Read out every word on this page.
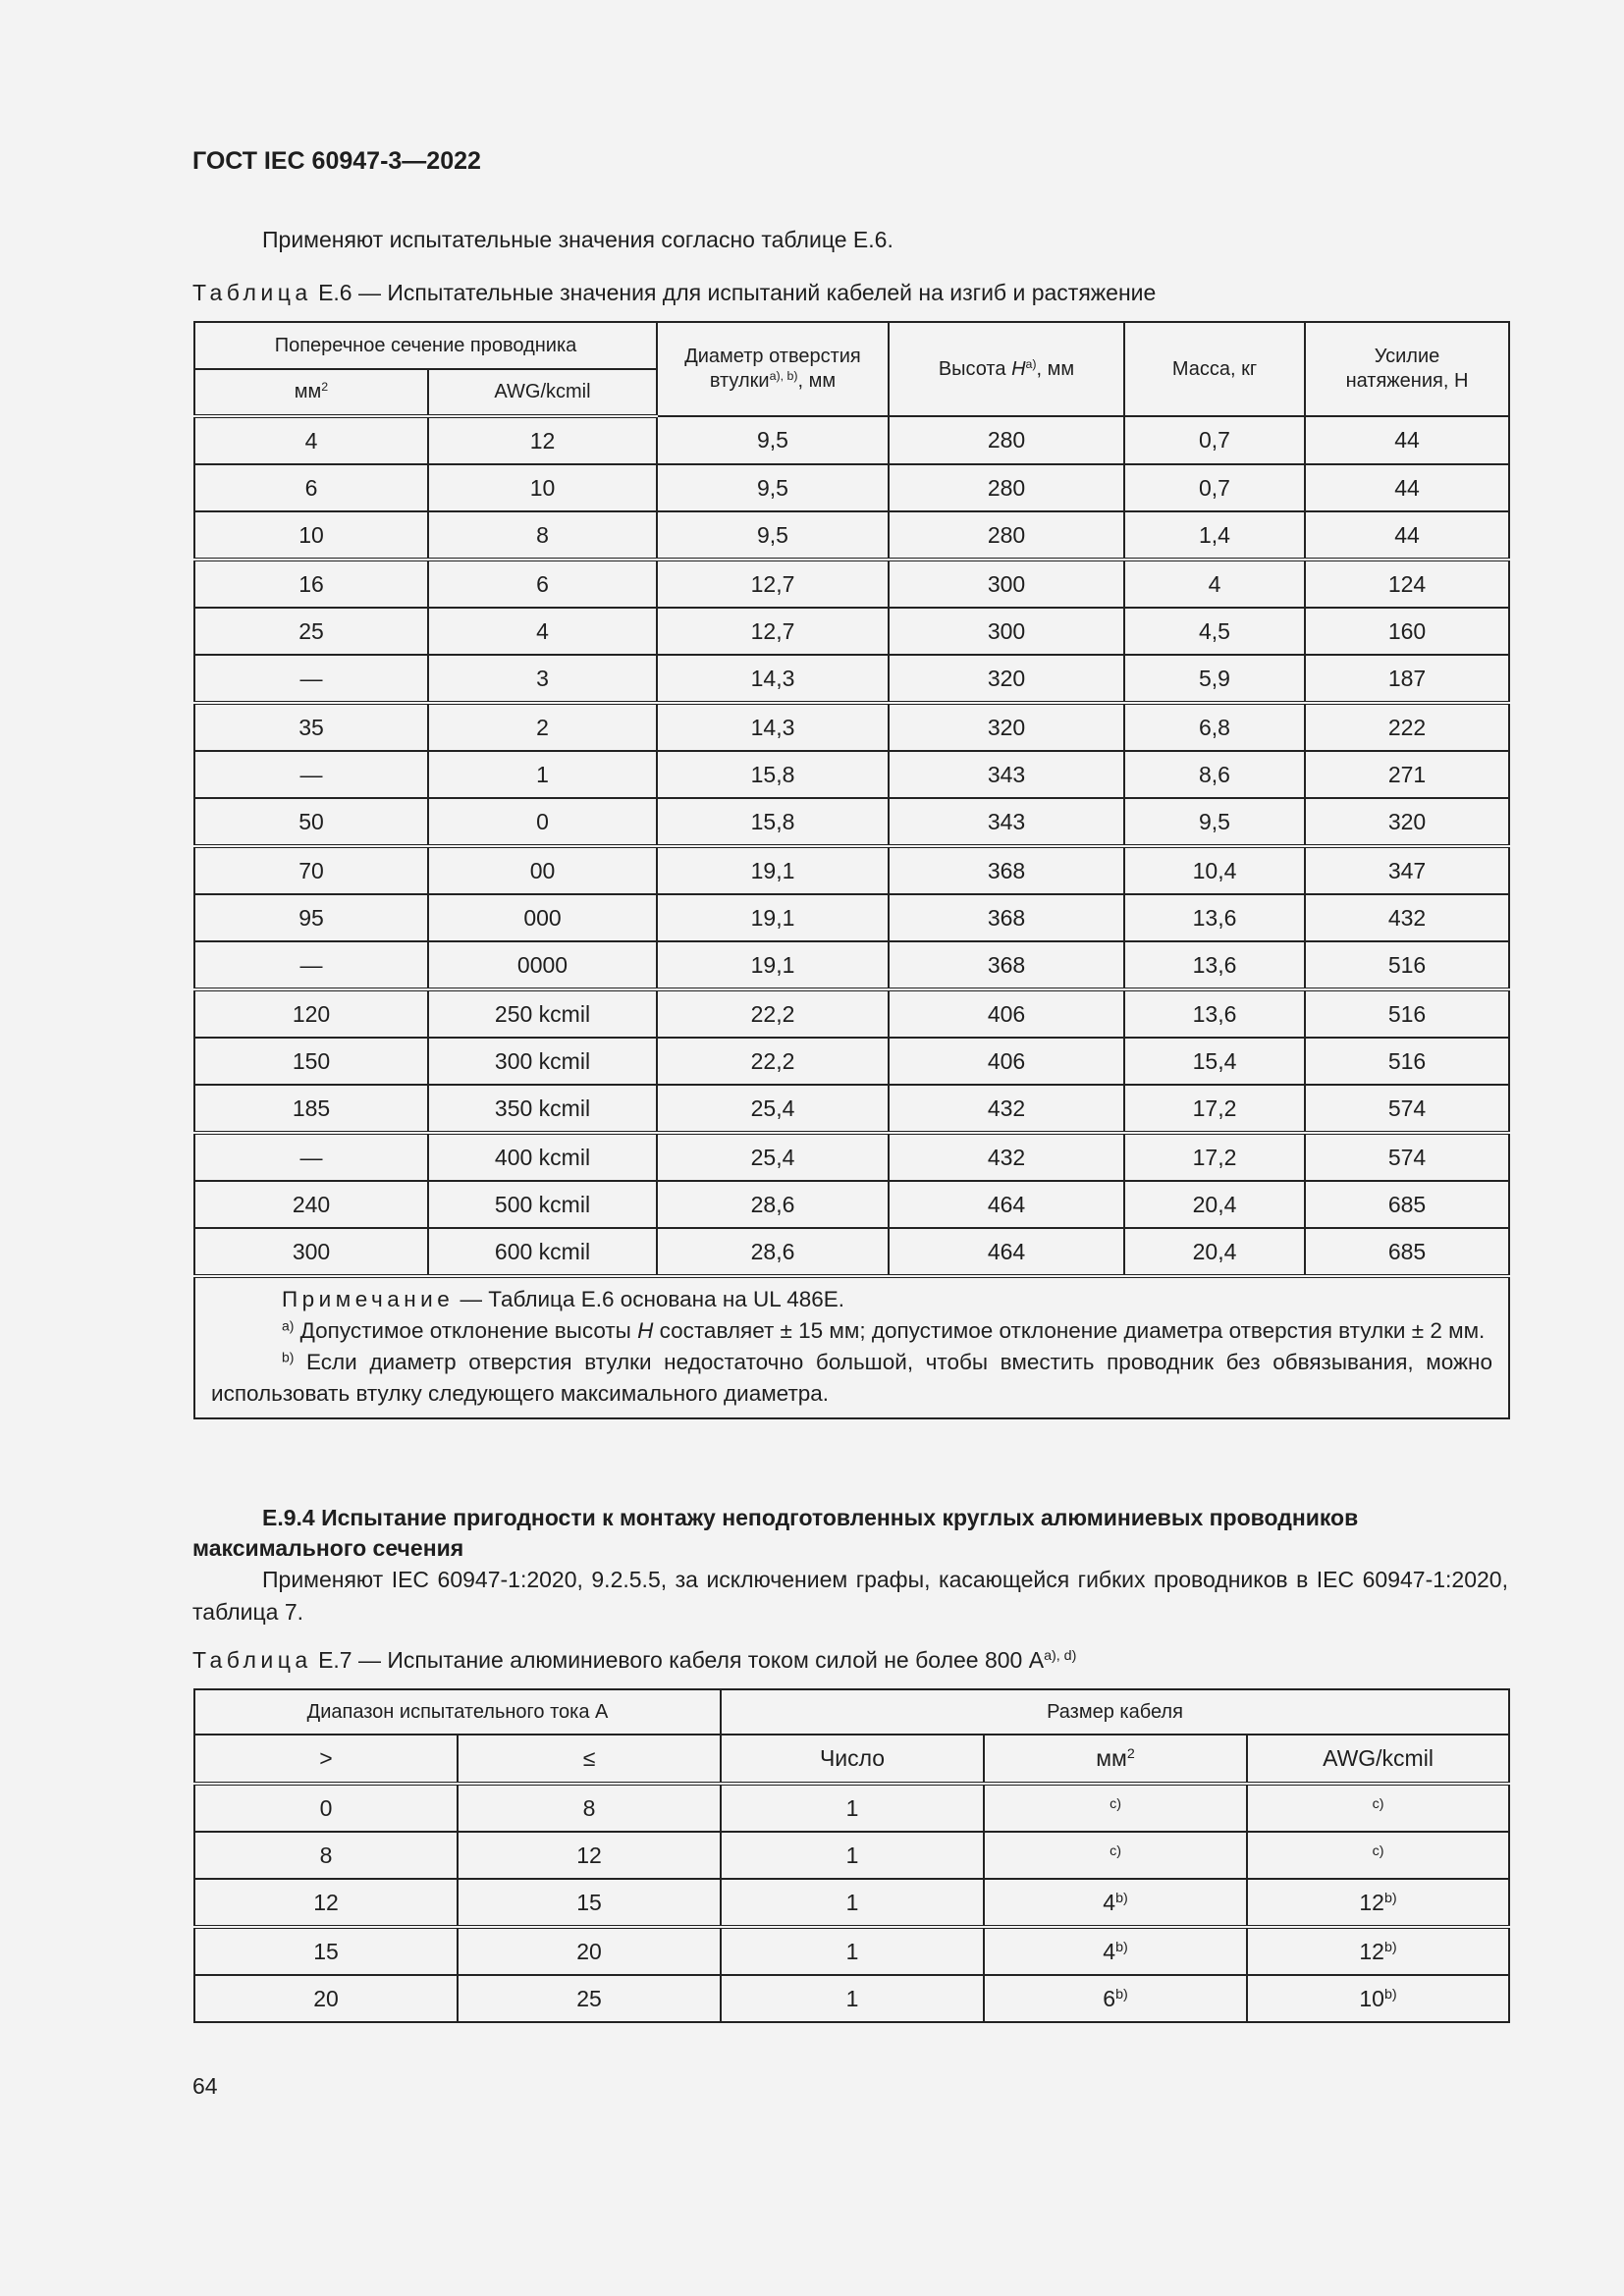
ГОСТ IEC 60947-3—2022
Применяют испытательные значения согласно таблице Е.6.
Таблица Е.6 — Испытательные значения для испытаний кабелей на изгиб и растяжение
Поперечное сечение проводника		Диаметр отверстия втулки$^{a), b)}$, мм	Высота $H^{a)}$, мм	Масса, кг	Усилие натяжения, Н
$мм^2$	AWG/kcmil				
4	12	9,5	280	0,7	44
6	10	9,5	280	0,7	44
10	8	9,5	280	1,4	44
16	6	12,7	300	4	124
25	4	12,7	300	4,5	160
—	3	14,3	320	5,9	187
35	2	14,3	320	6,8	222
—	1	15,8	343	8,6	271
50	0	15,8	343	9,5	320
70	00	19,1	368	10,4	347
95	000	19,1	368	13,6	432
—	0000	19,1	368	13,6	516
120	250 kcmil	22,2	406	13,6	516
150	300 kcmil	22,2	406	15,4	516
185	350 kcmil	25,4	432	17,2	574
—	400 kcmil	25,4	432	17,2	574
240	500 kcmil	28,6	464	20,4	685
300	600 kcmil	28,6	464	20,4	685

Примечание — Таблица Е.6 основана на UL 486E.

$^{a)}$ Допустимое отклонение высоты H составляет ± 15 мм; допустимое отклонение диаметра отверстия втулки ± 2 мм.

$^{b)}$ Если диаметр отверстия втулки недостаточно большой, чтобы вместить проводник без обвязывания, можно использовать втулку следующего максимального диаметра.					

Е.9.4 Испытание пригодности к монтажу неподготовленных круглых алюминиевых проводников максимального сечения
Применяют IEC 60947-1:2020, 9.2.5.5, за исключением графы, касающейся гибких проводников в IEC 60947-1:2020, таблица 7.
Таблица Е.7 — Испытание алюминиевого кабеля током силой не более 800 $А^{a), d)}$
Диапазон испытательного тока А		Размер кабеля		
>	≤	Число	$мм^2$	AWG/kcmil
0	8	1	$^{c)}$	$^{c)}$
8	12	1	$^{c)}$	$^{c)}$
12	15	1	4$^{b)}$	12$^{b)}$
15	20	1	4$^{b)}$	12$^{b)}$
20	25	1	6$^{b)}$	10$^{b)}$
64
